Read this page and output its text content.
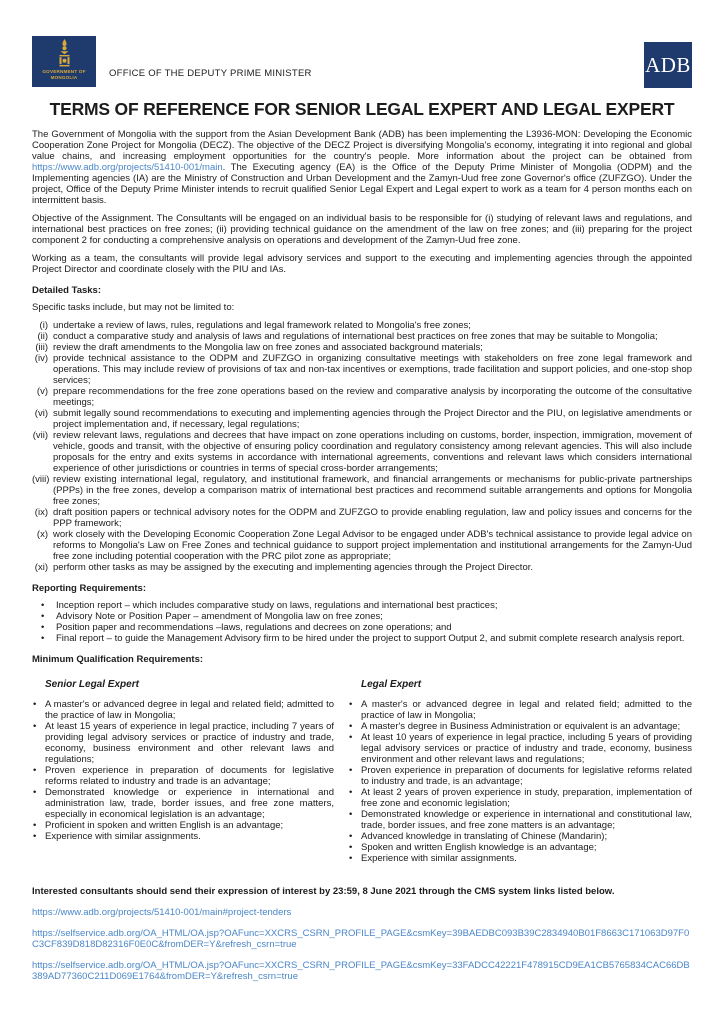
GOVERNMENT OF
MONGOLIA	OFFICE OF THE DEPUTY PRIME MINISTER	ADB
TERMS OF REFERENCE FOR SENIOR LEGAL EXPERT AND LEGAL EXPERT

The Government of Mongolia with the support from the Asian Development Bank (ADB) has been implementing the L3936-MON: Developing the Economic Cooperation Zone Project for Mongolia (DECZ). The objective of the DECZ Project is diversifying Mongolia's economy, integrating it into regional and global value chains, and increasing employment opportunities for the country's people. More information about the project can be obtained from https://www.adb.org/projects/51410-001/main. The Executing agency (EA) is the Office of the Deputy Prime Minister of Mongolia (ODPM) and the Implementing agencies (IA) are the Ministry of Construction and Urban Development and the Zamyn-Uud free zone Governor's office (ZUFZGO). Under the project, Office of the Deputy Prime Minister intends to recruit qualified Senior Legal Expert and Legal expert to work as a team for 4 person months each on intermittent basis.

Objective of the Assignment. The Consultants will be engaged on an individual basis to be responsible for (i) studying of relevant laws and regulations, and international best practices on free zones; (ii) providing technical guidance on the amendment of the law on free zones; and (iii) preparing for the project component 2 for conducting a comprehensive analysis on operations and development of the Zamyn-Uud free zone.

Working as a team, the consultants will provide legal advisory services and support to the executing and implementing agencies through the appointed Project Director and coordinate closely with the PIU and IAs.

Detailed Tasks:

Specific tasks include, but may not be limited to:

(i) undertake a review of laws, rules, regulations and legal framework related to Mongolia's free zones;
(ii) conduct a comparative study and analysis of laws and regulations of international best practices on free zones that may be suitable to Mongolia;
(iii) review the draft amendments to the Mongolia law on free zones and associated background materials;
(iv) provide technical assistance to the ODPM and ZUFZGO in organizing consultative meetings with stakeholders on free zone legal framework and operations. This may include review of provisions of tax and non-tax incentives or exemptions, trade facilitation and support policies, and one-stop shop services;
(v) prepare recommendations for the free zone operations based on the review and comparative analysis by incorporating the outcome of the consultative meetings;
(vi) submit legally sound recommendations to executing and implementing agencies through the Project Director and the PIU, on legislative amendments or project implementation and, if necessary, legal regulations;
(vii) review relevant laws, regulations and decrees that have impact on zone operations including on customs, border, inspection, immigration, movement of vehicle, goods and transit, with the objective of ensuring policy coordination and regulatory consistency among relevant agencies. This will also include proposals for the entry and exits systems in accordance with international agreements, conventions and relevant laws which considers international experience of other jurisdictions or countries in terms of special cross-border arrangements;
(viii) review existing international legal, regulatory, and institutional framework, and financial arrangements or mechanisms for public-private partnerships (PPPs) in the free zones, develop a comparison matrix of international best practices and recommend suitable arrangements and options for Mongolia free zones;
(ix) draft position papers or technical advisory notes for the ODPM and ZUFZGO to provide enabling regulation, law and policy issues and concerns for the PPP framework;
(x) work closely with the Developing Economic Cooperation Zone Legal Advisor to be engaged under ADB's technical assistance to provide legal advice on reforms to Mongolia's Law on Free Zones and technical guidance to support project implementation and institutional arrangements for the Zamyn-Uud free zone including potential cooperation with the PRC pilot zone as appropriate;
(xi) perform other tasks as may be assigned by the executing and implementing agencies through the Project Director.
Reporting Requirements:
•	Inception report – which includes comparative study on laws, regulations and international best practices;
•	Advisory Note or Position Paper – amendment of Mongolia law on free zones;
•	Position paper and recommendations –laws, regulations and decrees on zone operations; and
•	Final report – to guide the Management Advisory firm to be hired under the project to support Output 2, and submit complete research analysis report.
Minimum Qualification Requirements:
Senior Legal Expert
• A master's or advanced degree in legal and related field; admitted to the practice of law in Mongolia;
• At least 15 years of experience in legal practice, including 7 years of providing legal advisory services or practice of industry and trade, economy, business environment and other relevant laws and regulations;
• Proven experience in preparation of documents for legislative reforms related to industry and trade is an advantage;
• Demonstrated knowledge or experience in international and administration law, trade, border issues, and free zone matters, especially in economical legislation is an advantage;
• Proficient in spoken and written English is an advantage;
• Experience with similar assignments.
Legal Expert
• A master's or advanced degree in legal and related field; admitted to the practice of law in Mongolia;
• A master's degree in Business Administration or equivalent is an advantage;
• At least 10 years of experience in legal practice, including 5 years of providing legal advisory services or practice of industry and trade, economy, business environment and other relevant laws and regulations;
• Proven experience in preparation of documents for legislative reforms related to industry and trade, is an advantage;
• At least 2 years of proven experience in study, preparation, implementation of free zone and economic legislation;
• Demonstrated knowledge or experience in international and constitutional law, trade, border issues, and free zone matters is an advantage;
• Advanced knowledge in translating of Chinese (Mandarin);
• Spoken and written English knowledge is an advantage;
• Experience with similar assignments.
Interested consultants should send their expression of interest by 23:59, 8 June 2021 through the CMS system links listed below.
https://www.adb.org/projects/51410-001/main#project-tenders
https://selfservice.adb.org/OA_HTML/OA.jsp?OAFunc=XXCRS_CSRN_PROFILE_PAGE&csmKey=39BAEDBC093B39C2834940B01F8663C171063D97F0C3CF839D818D82316F0E0C&fromDER=Y&refresh_csrn=true
https://selfservice.adb.org/OA_HTML/OA.jsp?OAFunc=XXCRS_CSRN_PROFILE_PAGE&csmKey=33FADCC42221F478915CD9EA1CB5765834CAC66DB389AD77360C211D069E1764&fromDER=Y&refresh_csrn=true
